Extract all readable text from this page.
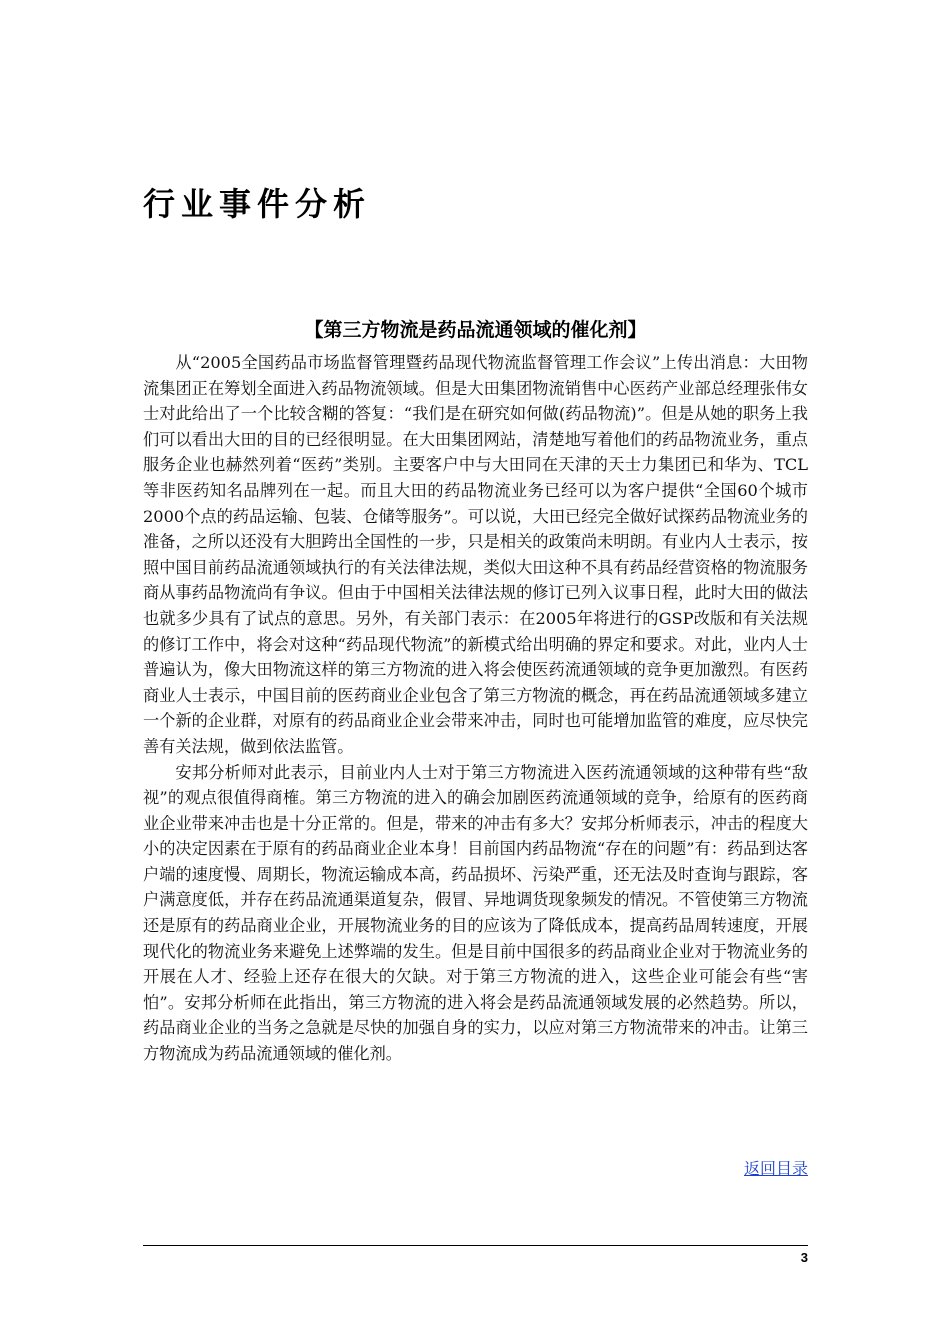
行业事件分析
【第三方物流是药品流通领域的催化剂】

从“2005全国药品市场监督管理暨药品现代物流监督管理工作会议”上传出消息：大田物流集团正在筹划全面进入药品物流领域。但是大田集团物流销售中心医药产业部总经理张伟女士对此给出了一个比较含糊的答复：“我们是在研究如何做(药品物流)”。但是从她的职务上我们可以看出大田的目的已经很明显。在大田集团网站，清楚地写着他们的药品物流业务，重点服务企业也赫然列着“医药”类别。主要客户中与大田同在天津的天士力集团已和华为、TCL等非医药知名品牌列在一起。而且大田的药品物流业务已经可以为客户提供“全国60个城市2000个点的药品运输、包装、仓储等服务”。可以说，大田已经完全做好试探药品物流业务的准备，之所以还没有大胆跨出全国性的一步，只是相关的政策尚未明朗。有业内人士表示，按照中国目前药品流通领域执行的有关法律法规，类似大田这种不具有药品经营资格的物流服务商从事药品物流尚有争议。但由于中国相关法律法规的修订已列入议事日程，此时大田的做法也就多少具有了试点的意思。另外，有关部门表示：在2005年将进行的GSP改版和有关法规的修订工作中，将会对这种“药品现代物流”的新模式给出明确的界定和要求。对此，业内人士普遍认为，像大田物流这样的第三方物流的进入将会使医药流通领域的竞争更加激烈。有医药商业人士表示，中国目前的医药商业企业包含了第三方物流的概念，再在药品流通领域多建立一个新的企业群，对原有的药品商业企业会带来冲击，同时也可能增加监管的难度，应尽快完善有关法规，做到依法监管。

安邦分析师对此表示，目前业内人士对于第三方物流进入医药流通领域的这种带有些“敌视”的观点很值得商榷。第三方物流的进入的确会加剧医药流通领域的竞争，给原有的医药商业企业带来冲击也是十分正常的。但是，带来的冲击有多大？安邦分析师表示，冲击的程度大小的决定因素在于原有的药品商业企业本身！目前国内药品物流“存在的问题”有：药品到达客户端的速度慢、周期长，物流运输成本高，药品损坏、污染严重，还无法及时查询与跟踪，客户满意度低，并存在药品流通渠道复杂，假冒、异地调货现象频发的情况。不管使第三方物流还是原有的药品商业企业，开展物流业务的目的应该为了降低成本，提高药品周转速度，开展现代化的物流业务来避免上述弊端的发生。但是目前中国很多的药品商业企业对于物流业务的开展在人才、经验上还存在很大的欠缺。对于第三方物流的进入，这些企业可能会有些“害怕”。安邦分析师在此指出，第三方物流的进入将会是药品流通领域发展的必然趋势。所以，药品商业企业的当务之急就是尽快的加强自身的实力，以应对第三方物流带来的冲击。让第三方物流成为药品流通领域的催化剂。

返回目录
3
